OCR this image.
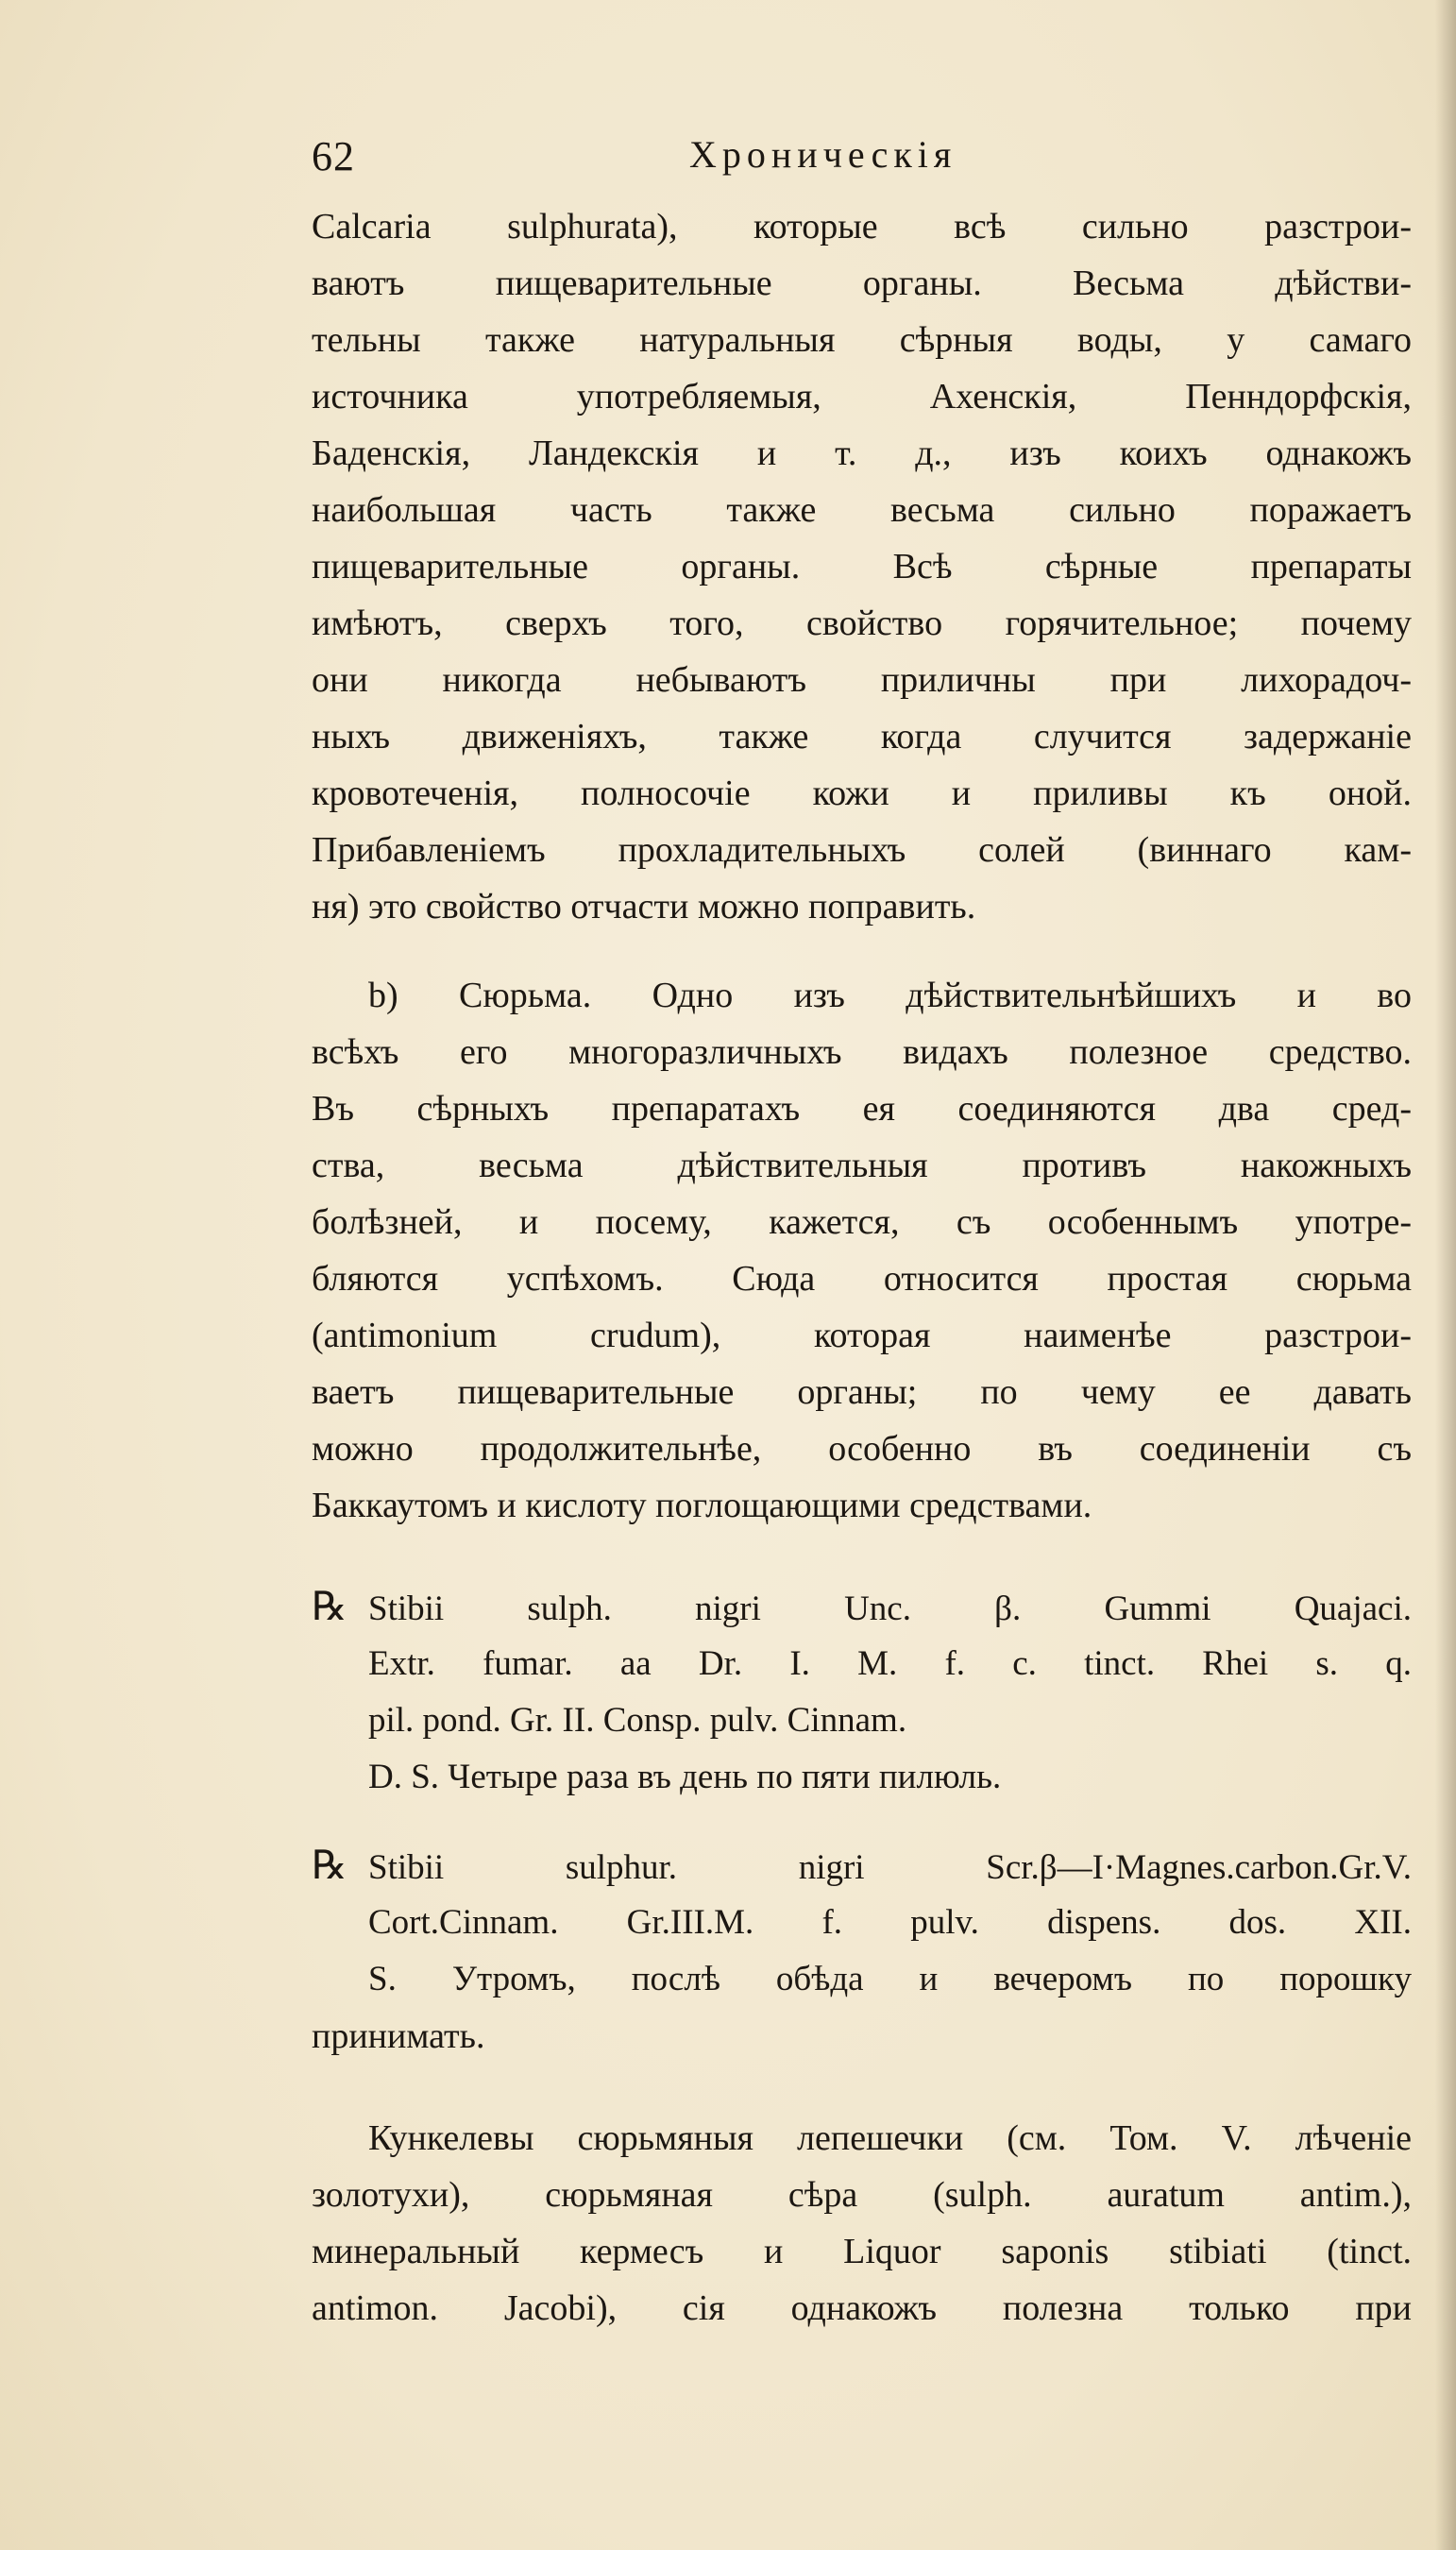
62	Хроническія
Calcaria sulphurata), которые всѣ сильно разстрои-
ваютъ пищеварительные органы. Весьма дѣйстви-
тельны также натуральныя сѣрныя воды, у самаго
источника употребляемыя, Ахенскія, Пенндорфскія,
Баденскія, Ландекскія и т. д., изъ коихъ однакожъ
наибольшая часть также весьма сильно поражаетъ
пищеварительные органы. Всѣ сѣрные препараты
имѣютъ, сверхъ того, свойство горячительное; почему
они никогда небываютъ приличны при лихорадоч-
ныхъ движеніяхъ, также когда случится задержаніе
кровотеченія, полносочіе кожи и приливы къ оной.
Прибавленіемъ прохладительныхъ солей (виннаго кам-
ня) это свойство отчасти можно поправить.
b) Сюрьма. Одно изъ дѣйствительнѣйшихъ и во
всѣхъ его многоразличныхъ видахъ полезное средство.
Въ сѣрныхъ препаратахъ ея соединяются два сред-
ства, весьма дѣйствительныя противъ накожныхъ
болѣзней, и посему, кажется, съ особеннымъ употре-
бляются успѣхомъ. Сюда относится простая сюрьма
(antimonium crudum), которая наименѣе разстрои-
ваетъ пищеварительные органы; по чему ее давать
можно продолжительнѣе, особенно въ соединеніи съ
Баккаутомъ и кислоту поглощающими средствами.
℞ Stibii sulph. nigri Unc. β. Gummi Quajaci.
Extr. fumar. aa Dr. I. M. f. c. tinct. Rhei s. q.
pil. pond. Gr. II. Consp. pulv. Cinnam.
D. S. Четыре раза въ день по пяти пилюль.
℞ Stibii sulphur. nigri Scr.β—I·Magnes.carbon.Gr.V.
Cort.Cinnam. Gr.III.M. f. pulv. dispens. dos. XII.
S. Утромъ, послѣ обѣда и вечеромъ по порошку
принимать.
Кункелевы сюрьмяныя лепешечки (см. Том. V. лѣченіе
золотухи), сюрьмяная сѣра (sulph. auratum antim.),
минеральный кермесъ и Liquor saponis stibiati (tinct.
antimon. Jacobi), сія однакожъ полезна только при
